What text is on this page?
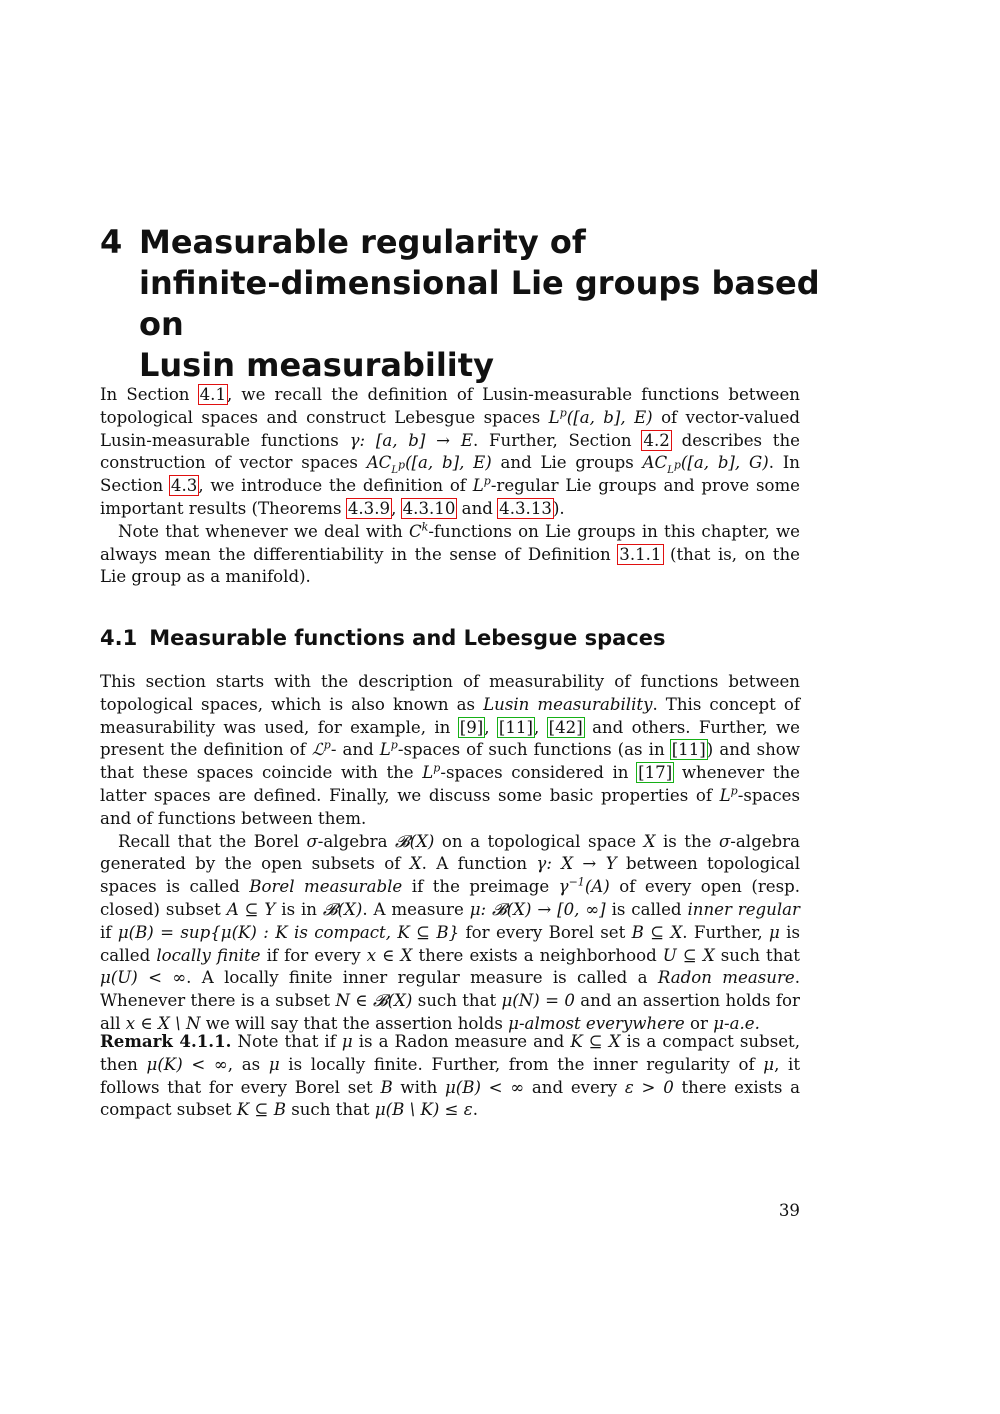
4 Measurable regularity of
infinite-dimensional Lie groups based on
Lusin measurability

In Section 4.1, we recall the definition of Lusin-measurable functions between topological spaces and construct Lebesgue spaces $L^p([a$, b], E) of vector-valued Lusin-measurable functions γ: [a, b] → E. Further, Section 4.2 describes the construction of vector spaces $AC_{L^p}([a$, b], E) and Lie groups $AC_{L^p}([a$, b], G). In Section 4.3, we introduce the definition of $L^p$-regular Lie groups and prove some important results (Theorems 4.3.9, 4.3.10 and 4.3.13).

Note that whenever we deal with $C^k$-functions on Lie groups in this chapter, we always mean the differentiability in the sense of Definition 3.1.1 (that is, on the Lie group as a manifold).

4.1 Measurable functions and Lebesgue spaces

This section starts with the description of measurability of functions between topological spaces, which is also known as Lusin measurability. This concept of measurability was used, for example, in [9], [11], [42] and others. Further, we present the definition of ℒ$^p$- and $L^p$-spaces of such functions (as in [11]) and show that these spaces coincide with the $L^p$-spaces considered in [17] whenever the latter spaces are defined. Finally, we discuss some basic properties of $L^p$-spaces and of functions between them.

Recall that the Borel σ-algebra 𝓑(X) on a topological space X is the σ-algebra generated by the open subsets of X. A function γ: X → Y between topological spaces is called Borel measurable if the preimage $\gamma^{-1}(A)$ of every open (resp. closed) subset A ⊆ Y is in 𝓑(X). A measure μ: 𝓑(X) → [0, ∞] is called inner regular if μ(B) = sup{μ(K) : K is compact, K ⊆ B} for every Borel set B ⊆ X. Further, μ is called locally finite if for every x ∈ X there exists a neighborhood U ⊆ X such that μ(U) < ∞. A locally finite inner regular measure is called a Radon measure. Whenever there is a subset N ∈ 𝓑(X) such that μ(N) = 0 and an assertion holds for all x ∈ X \ N we will say that the assertion holds μ-almost everywhere or μ-a.e.

Remark 4.1.1. Note that if μ is a Radon measure and K ⊆ X is a compact subset, then μ(K) < ∞, as μ is locally finite. Further, from the inner regularity of μ, it follows that for every Borel set B with μ(B) < ∞ and every ε > 0 there exists a compact subset K ⊆ B such that μ(B \ K) ≤ ε.

39
